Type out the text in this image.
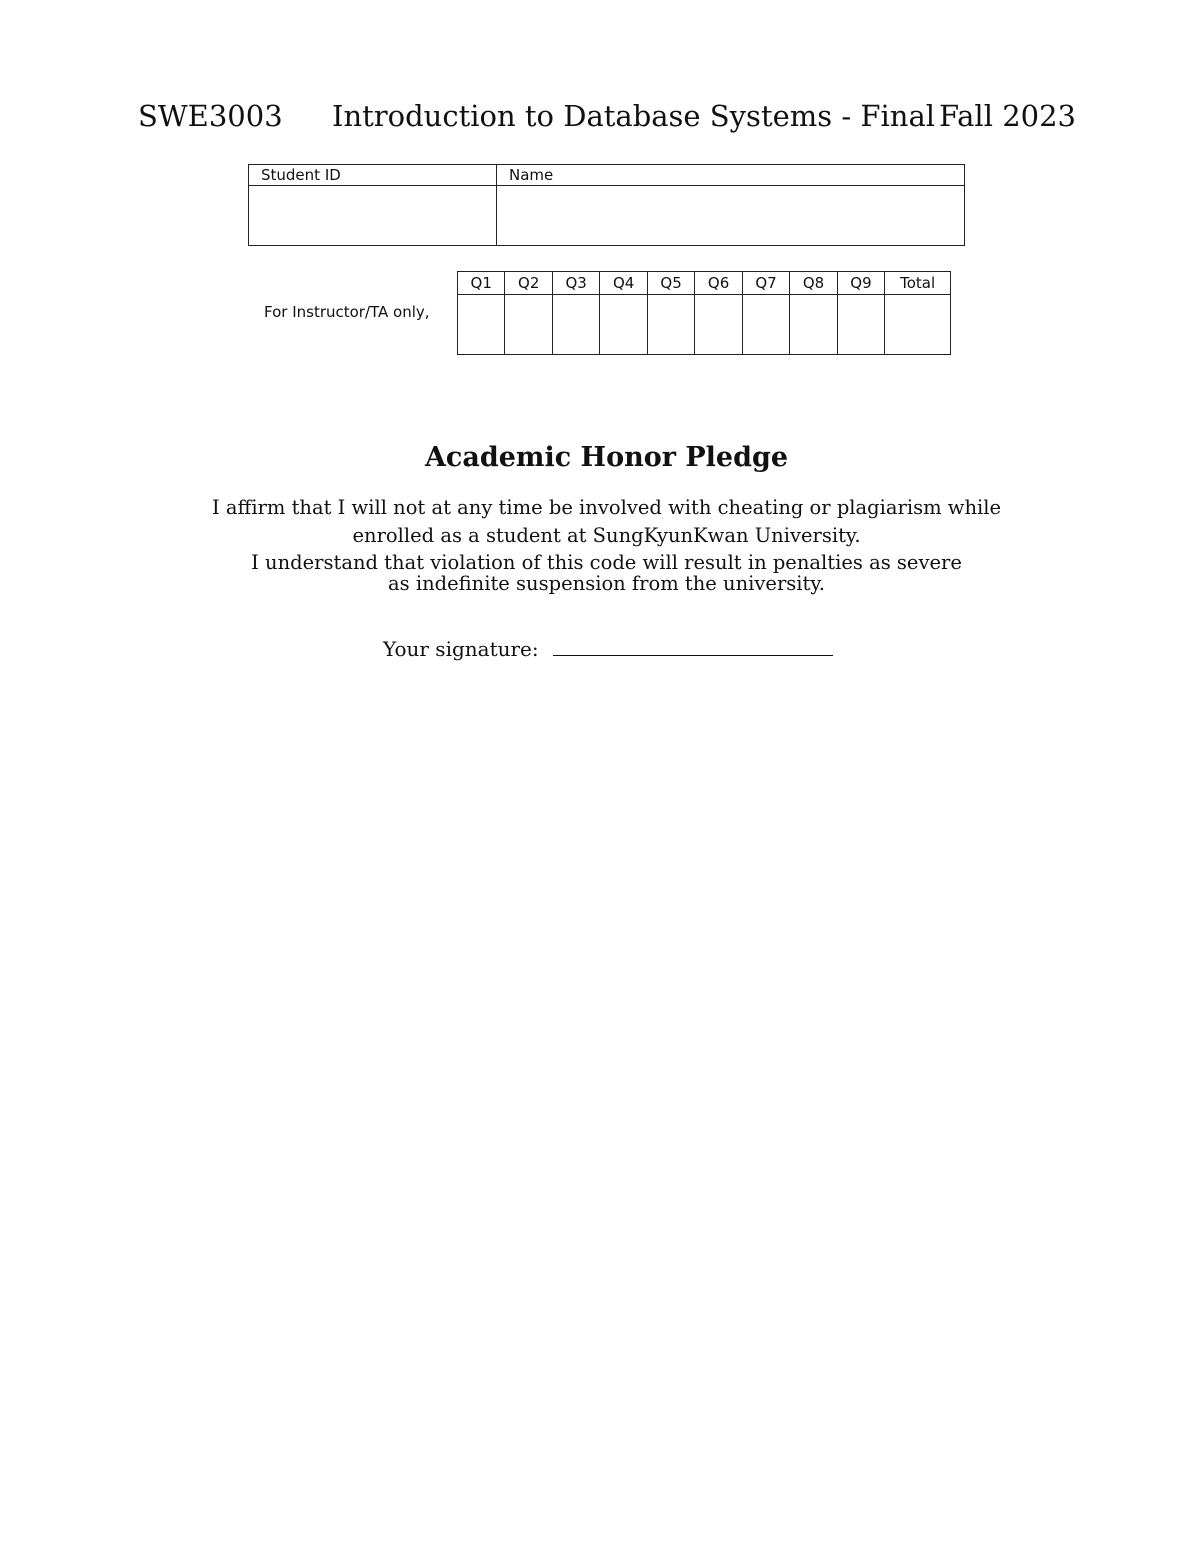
SWE3003 Introduction to Database Systems - Final Fall 2023
Student ID	Name

For Instructor/TA only,
Q1	Q2	Q3	Q4	Q5	Q6	Q7	Q8	Q9	Total

Academic Honor Pledge
I affirm that I will not at any time be involved with cheating or plagiarism while
enrolled as a student at SungKyunKwan University.
I understand that violation of this code will result in penalties as severe
as indefinite suspension from the university.
Your signature:
